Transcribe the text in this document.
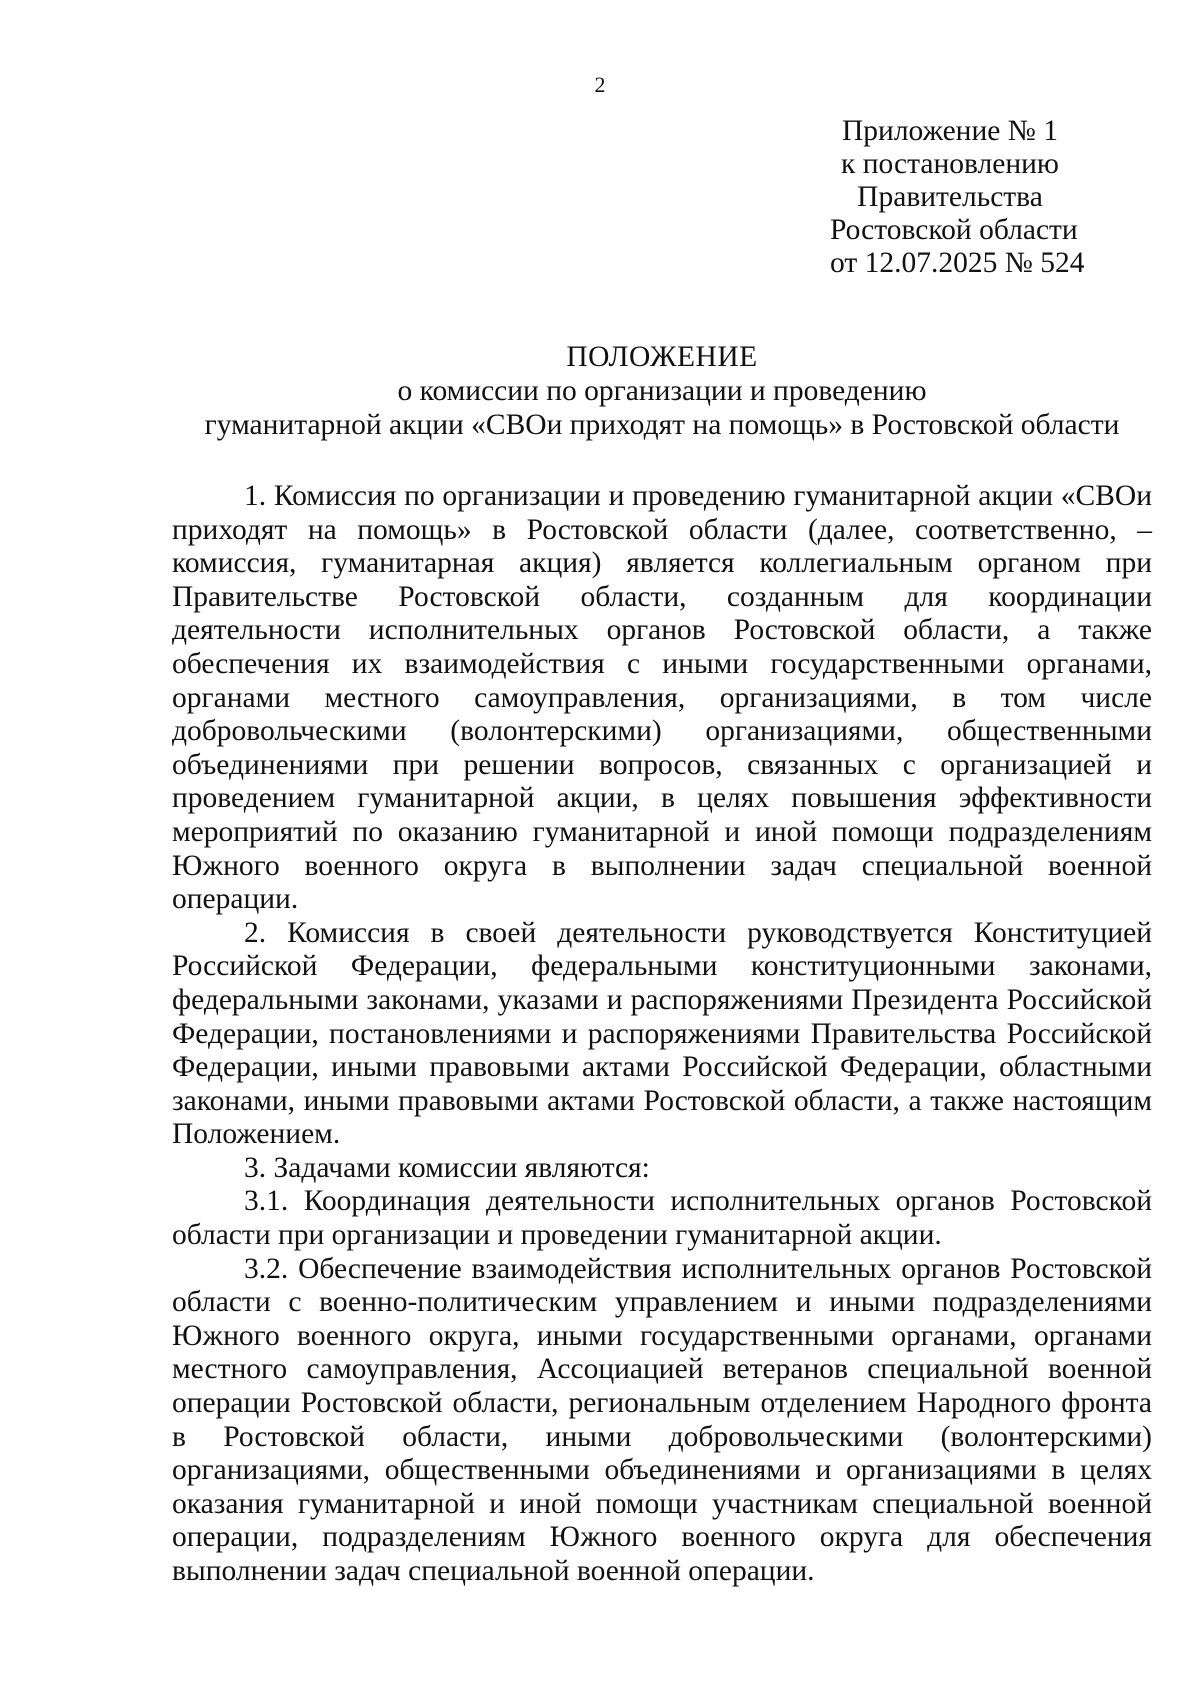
2
Приложение № 1
к постановлению
Правительства
Ростовской области
от 12.07.2025 № 524
ПОЛОЖЕНИЕ
о комиссии по организации и проведению
гуманитарной акции «СВОи приходят на помощь» в Ростовской области

1. Комиссия по организации и проведению гуманитарной акции «СВОи приходят на помощь» в Ростовской области (далее, соответственно, – комиссия, гуманитарная акция) является коллегиальным органом при Правительстве Ростовской области, созданным для координации деятельности исполнительных органов Ростовской области, а также обеспечения их взаимодействия с иными государственными органами, органами местного самоуправления, организациями, в том числе добровольческими (волонтерскими) организациями, общественными объединениями при решении вопросов, связанных с организацией и проведением гуманитарной акции, в целях повышения эффективности мероприятий по оказанию гуманитарной и иной помощи подразделениям Южного военного округа в выполнении задач специальной военной операции.

2. Комиссия в своей деятельности руководствуется Конституцией Российской Федерации, федеральными конституционными законами, федеральными законами, указами и распоряжениями Президента Российской Федерации, постановлениями и распоряжениями Правительства Российской Федерации, иными правовыми актами Российской Федерации, областными законами, иными правовыми актами Ростовской области, а также настоящим Положением.

3. Задачами комиссии являются:

3.1. Координация деятельности исполнительных органов Ростовской области при организации и проведении гуманитарной акции.

3.2. Обеспечение взаимодействия исполнительных органов Ростовской области с военно-политическим управлением и иными подразделениями Южного военного округа, иными государственными органами, органами местного самоуправления, Ассоциацией ветеранов специальной военной операции Ростовской области, региональным отделением Народного фронта в Ростовской области, иными добровольческими (волонтерскими) организациями, общественными объединениями и организациями в целях оказания гуманитарной и иной помощи участникам специальной военной операции, подразделениям Южного военного округа для обеспечения выполнении задач специальной военной операции.
